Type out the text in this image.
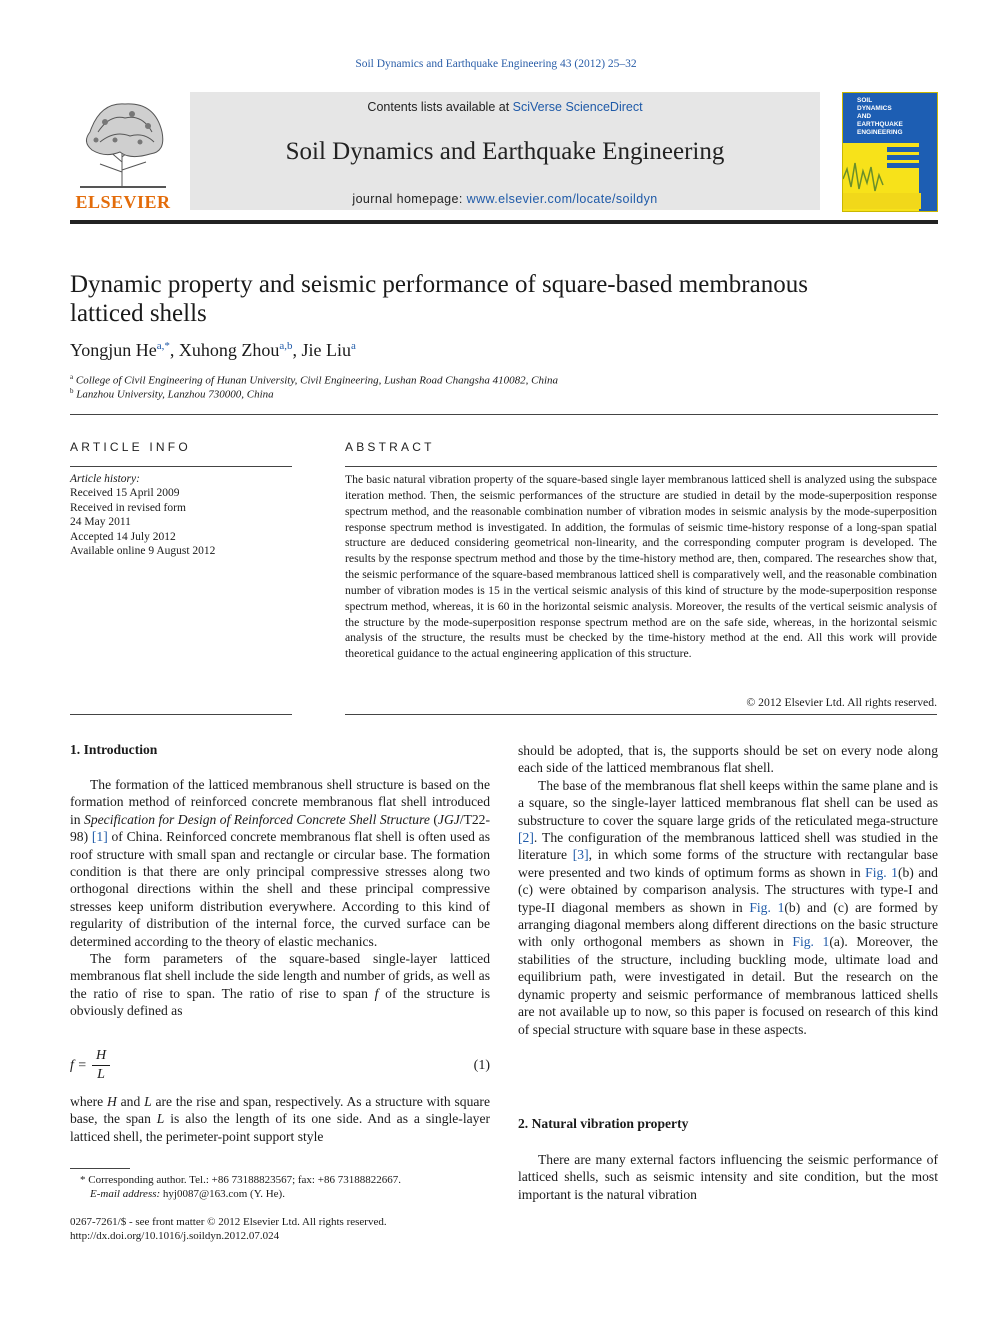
Soil Dynamics and Earthquake Engineering 43 (2012) 25–32
ELSEVIER
Contents lists available at SciVerse ScienceDirect
Soil Dynamics and Earthquake Engineering
journal homepage: www.elsevier.com/locate/soildyn
SOIL
DYNAMICS
AND
EARTHQUAKE
ENGINEERING
Dynamic property and seismic performance of square-based membranous
latticed shells
Yongjun $He^{a,*}$, Xuhong Zhou$^{a,b}$, Jie Liu$^a$
$^a$ College of Civil Engineering of Hunan University, Civil Engineering, Lushan Road Changsha 410082, China
$^b$ Lanzhou University, Lanzhou 730000, China
ARTICLE INFO
Article history:
Received 15 April 2009
Received in revised form
24 May 2011
Accepted 14 July 2012
Available online 9 August 2012
ABSTRACT
The basic natural vibration property of the square-based single layer membranous latticed shell is analyzed using the subspace iteration method. Then, the seismic performances of the structure are studied in detail by the mode-superposition response spectrum method, and the reasonable combination number of vibration modes in seismic analysis by the mode-superposition response spectrum method is investigated. In addition, the formulas of seismic time-history response of a long-span spatial structure are deduced considering geometrical non-linearity, and the corresponding computer program is developed. The results by the response spectrum method and those by the time-history method are, then, compared. The researches show that, the seismic performance of the square-based membranous latticed shell is comparatively well, and the reasonable combination number of vibration modes is 15 in the vertical seismic analysis of this kind of structure by the mode-superposition response spectrum method, whereas, it is 60 in the horizontal seismic analysis. Moreover, the results of the vertical seismic analysis of the structure by the mode-superposition response spectrum method are on the safe side, whereas, in the horizontal seismic analysis of the structure, the results must be checked by the time-history method at the end. All this work will provide theoretical guidance to the actual engineering application of this structure.
© 2012 Elsevier Ltd. All rights reserved.
1. Introduction

The formation of the latticed membranous shell structure is based on the formation method of reinforced concrete membranous flat shell introduced in Specification for Design of Reinforced Concrete Shell Structure (JGJ/T22-98) [1] of China. Reinforced concrete membranous flat shell is often used as roof structure with small span and rectangle or circular base. The formation condition is that there are only principal compressive stresses along two orthogonal directions within the shell and these principal compressive stresses keep uniform distribution everywhere. According to this kind of regularity of distribution of the internal force, the curved surface can be determined according to the theory of elastic mechanics.

The form parameters of the square-based single-layer latticed membranous flat shell include the side length and number of grids, as well as the ratio of rise to span. The ratio of rise to span f of the structure is obviously defined as

f =
H
L
(1)

where H and L are the rise and span, respectively. As a structure with square base, the span L is also the length of its one side. And as a single-layer latticed shell, the perimeter-point support style

should be adopted, that is, the supports should be set on every node along each side of the latticed membranous flat shell.

The base of the membranous flat shell keeps within the same plane and is a square, so the single-layer latticed membranous flat shell can be used as substructure to cover the square large grids of the reticulated mega-structure [2]. The configuration of the membranous latticed shell was studied in the literature [3], in which some forms of the structure with rectangular base were presented and two kinds of optimum forms as shown in Fig. 1(b) and (c) were obtained by comparison analysis. The structures with type-I and type-II diagonal members as shown in Fig. 1(b) and (c) are formed by arranging diagonal members along different directions on the basic structure with only orthogonal members as shown in Fig. 1(a). Moreover, the stabilities of the structure, including buckling mode, ultimate load and equilibrium path, were investigated in detail. But the research on the dynamic property and seismic performance of membranous latticed shells are not available up to now, so this paper is focused on research of this kind of special structure with square base in these aspects.

2. Natural vibration property

There are many external factors influencing the seismic performance of latticed shells, such as seismic intensity and site condition, but the most important is the natural vibration

* Corresponding author. Tel.: +86 73188823567; fax: +86 73188822667.
E-mail address: hyj0087@163.com (Y. He).
0267-7261/$ - see front matter © 2012 Elsevier Ltd. All rights reserved.
http://dx.doi.org/10.1016/j.soildyn.2012.07.024
